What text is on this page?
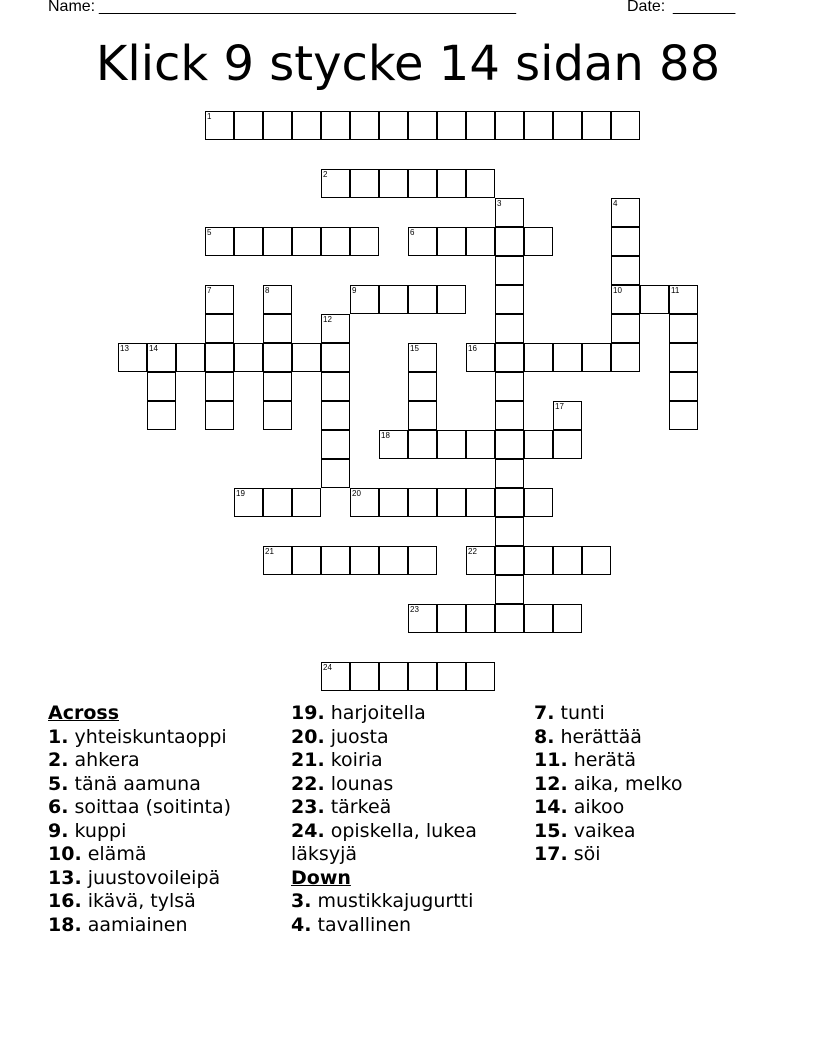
Name: _____________________________________________________	Date: _______
Klick 9 stycke 14 sidan 88
1
2
3	4
10
5	6
7	8	9	11
12
13	14	15	16
17
18
19	20
21	22
23
24
Across
1. yhteiskuntaoppi
2. ahkera
5. tänä aamuna
6. soittaa (soitinta)
9. kuppi
10. elämä
13. juustovoileipä
16. ikävä, tylsä
18. aamiainen
19. harjoitella
20. juosta
21. koiria
22. lounas
23. tärkeä
24. opiskella, lukea läksyjä
Down
3. mustikkajugurtti
4. tavallinen
7. tunti
8. herättää
11. herätä
12. aika, melko
14. aikoo
15. vaikea
17. söi
